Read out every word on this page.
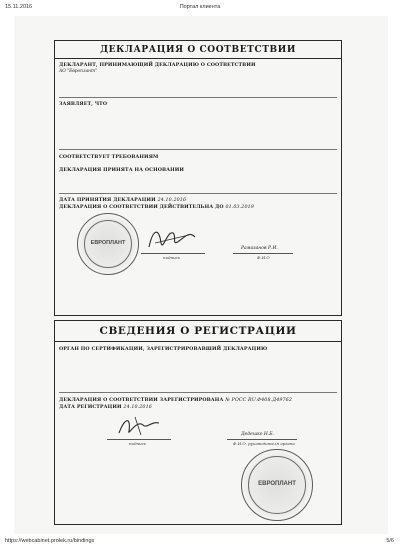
15.11.2016	Портал клиента
ДЕКЛАРАЦИЯ О СООТВЕТСТВИИ
ДЕКЛАРАНТ, ПРИНИМАЮЩИЙ ДЕКЛАРАЦИЮ О СООТВЕТСТВИИ
АО "Европлант"
ЗАЯВЛЯЕТ, ЧТО
СООТВЕТСТВУЕТ ТРЕБОВАНИЯМ
ДЕКЛАРАЦИЯ ПРИНЯТА НА ОСНОВАНИИ
ДАТА ПРИНЯТИЯ ДЕКЛАРАЦИИ 24.10.2016
ДЕКЛАРАЦИЯ О СООТВЕТСТВИИ ДЕЙСТВИТЕЛЬНА ДО 01.03.2019
ЕВРОПЛАНТ
подпись
Рамазанов Р.И.
Ф.И.О
СВЕДЕНИЯ О РЕГИСТРАЦИИ
ОРГАН ПО СЕРТИФИКАЦИИ, ЗАРЕГИСТРИРОВАВШИЙ ДЕКЛАРАЦИЮ
ДЕКЛАРАЦИЯ О СООТВЕТСТВИИ ЗАРЕГИСТРИРОВАНА № РОСС RU.Ф408.Д49762
ДАТА РЕГИСТРАЦИИ 24.10.2016
подпись
Дедешко Н.Б.
Ф.И.О. руководителя органа
ЕВРОПЛАНТ
https://webcabinet.prolek.ru/bindings	5/6
